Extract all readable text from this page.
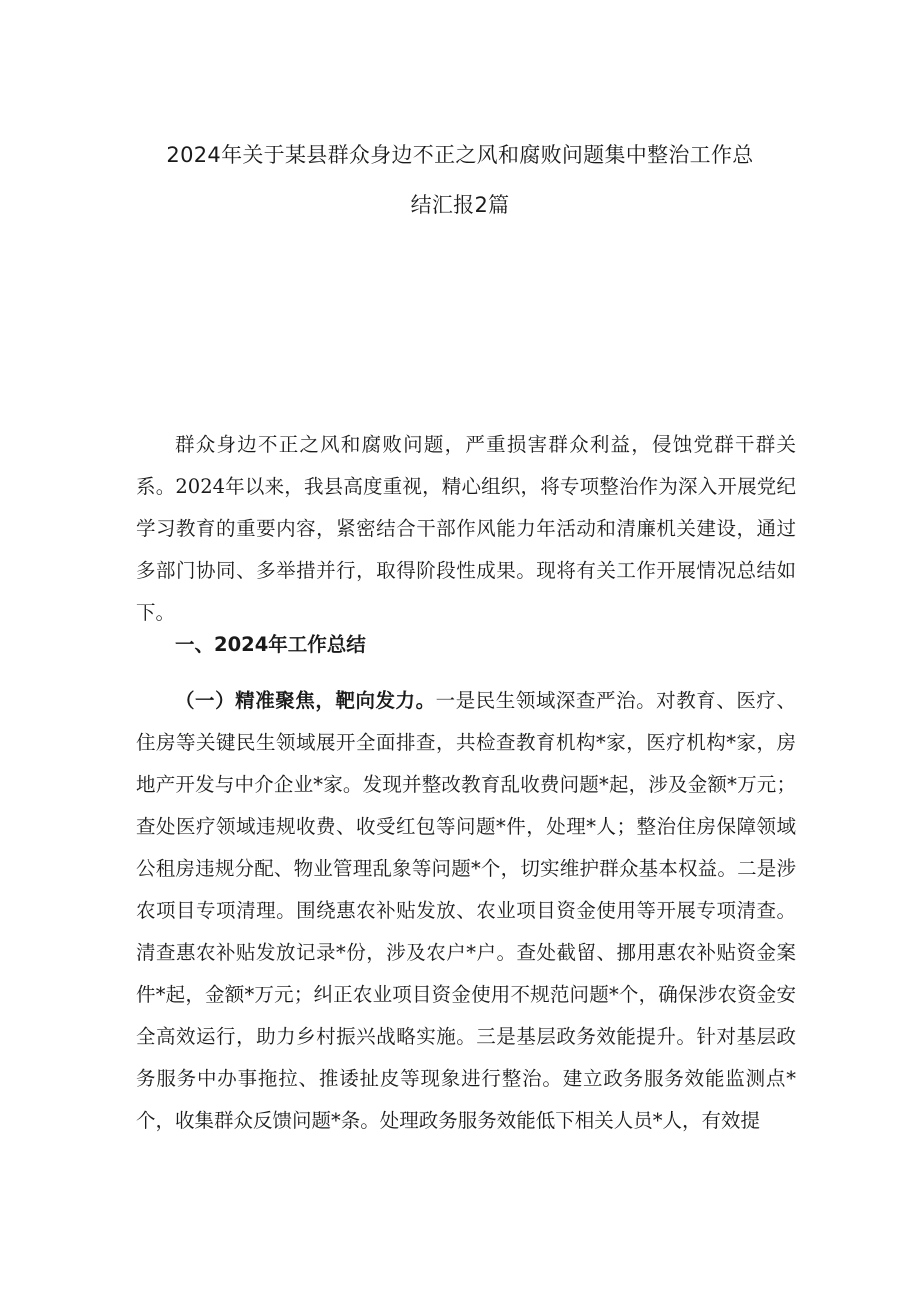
2024年关于某县群众身边不正之风和腐败问题集中整治工作总
结汇报2篇

群众身边不正之风和腐败问题，严重损害群众利益，侵蚀党群干群关系。2024年以来，我县高度重视，精心组织，将专项整治作为深入开展党纪学习教育的重要内容，紧密结合干部作风能力年活动和清廉机关建设，通过多部门协同、多举措并行，取得阶段性成果。现将有关工作开展情况总结如下。

一、2024年工作总结

（一）精准聚焦，靶向发力。一是民生领域深查严治。对教育、医疗、住房等关键民生领域展开全面排查，共检查教育机构*家，医疗机构*家，房地产开发与中介企业*家。发现并整改教育乱收费问题*起，涉及金额*万元；查处医疗领域违规收费、收受红包等问题*件，处理*人；整治住房保障领域公租房违规分配、物业管理乱象等问题*个，切实维护群众基本权益。二是涉农项目专项清理。围绕惠农补贴发放、农业项目资金使用等开展专项清查。清查惠农补贴发放记录*份，涉及农户*户。查处截留、挪用惠农补贴资金案件*起，金额*万元；纠正农业项目资金使用不规范问题*个，确保涉农资金安全高效运行，助力乡村振兴战略实施。三是基层政务效能提升。针对基层政务服务中办事拖拉、推诿扯皮等现象进行整治。建立政务服务效能监测点*个，收集群众反馈问题*条。处理政务服务效能低下相关人员*人，有效提
